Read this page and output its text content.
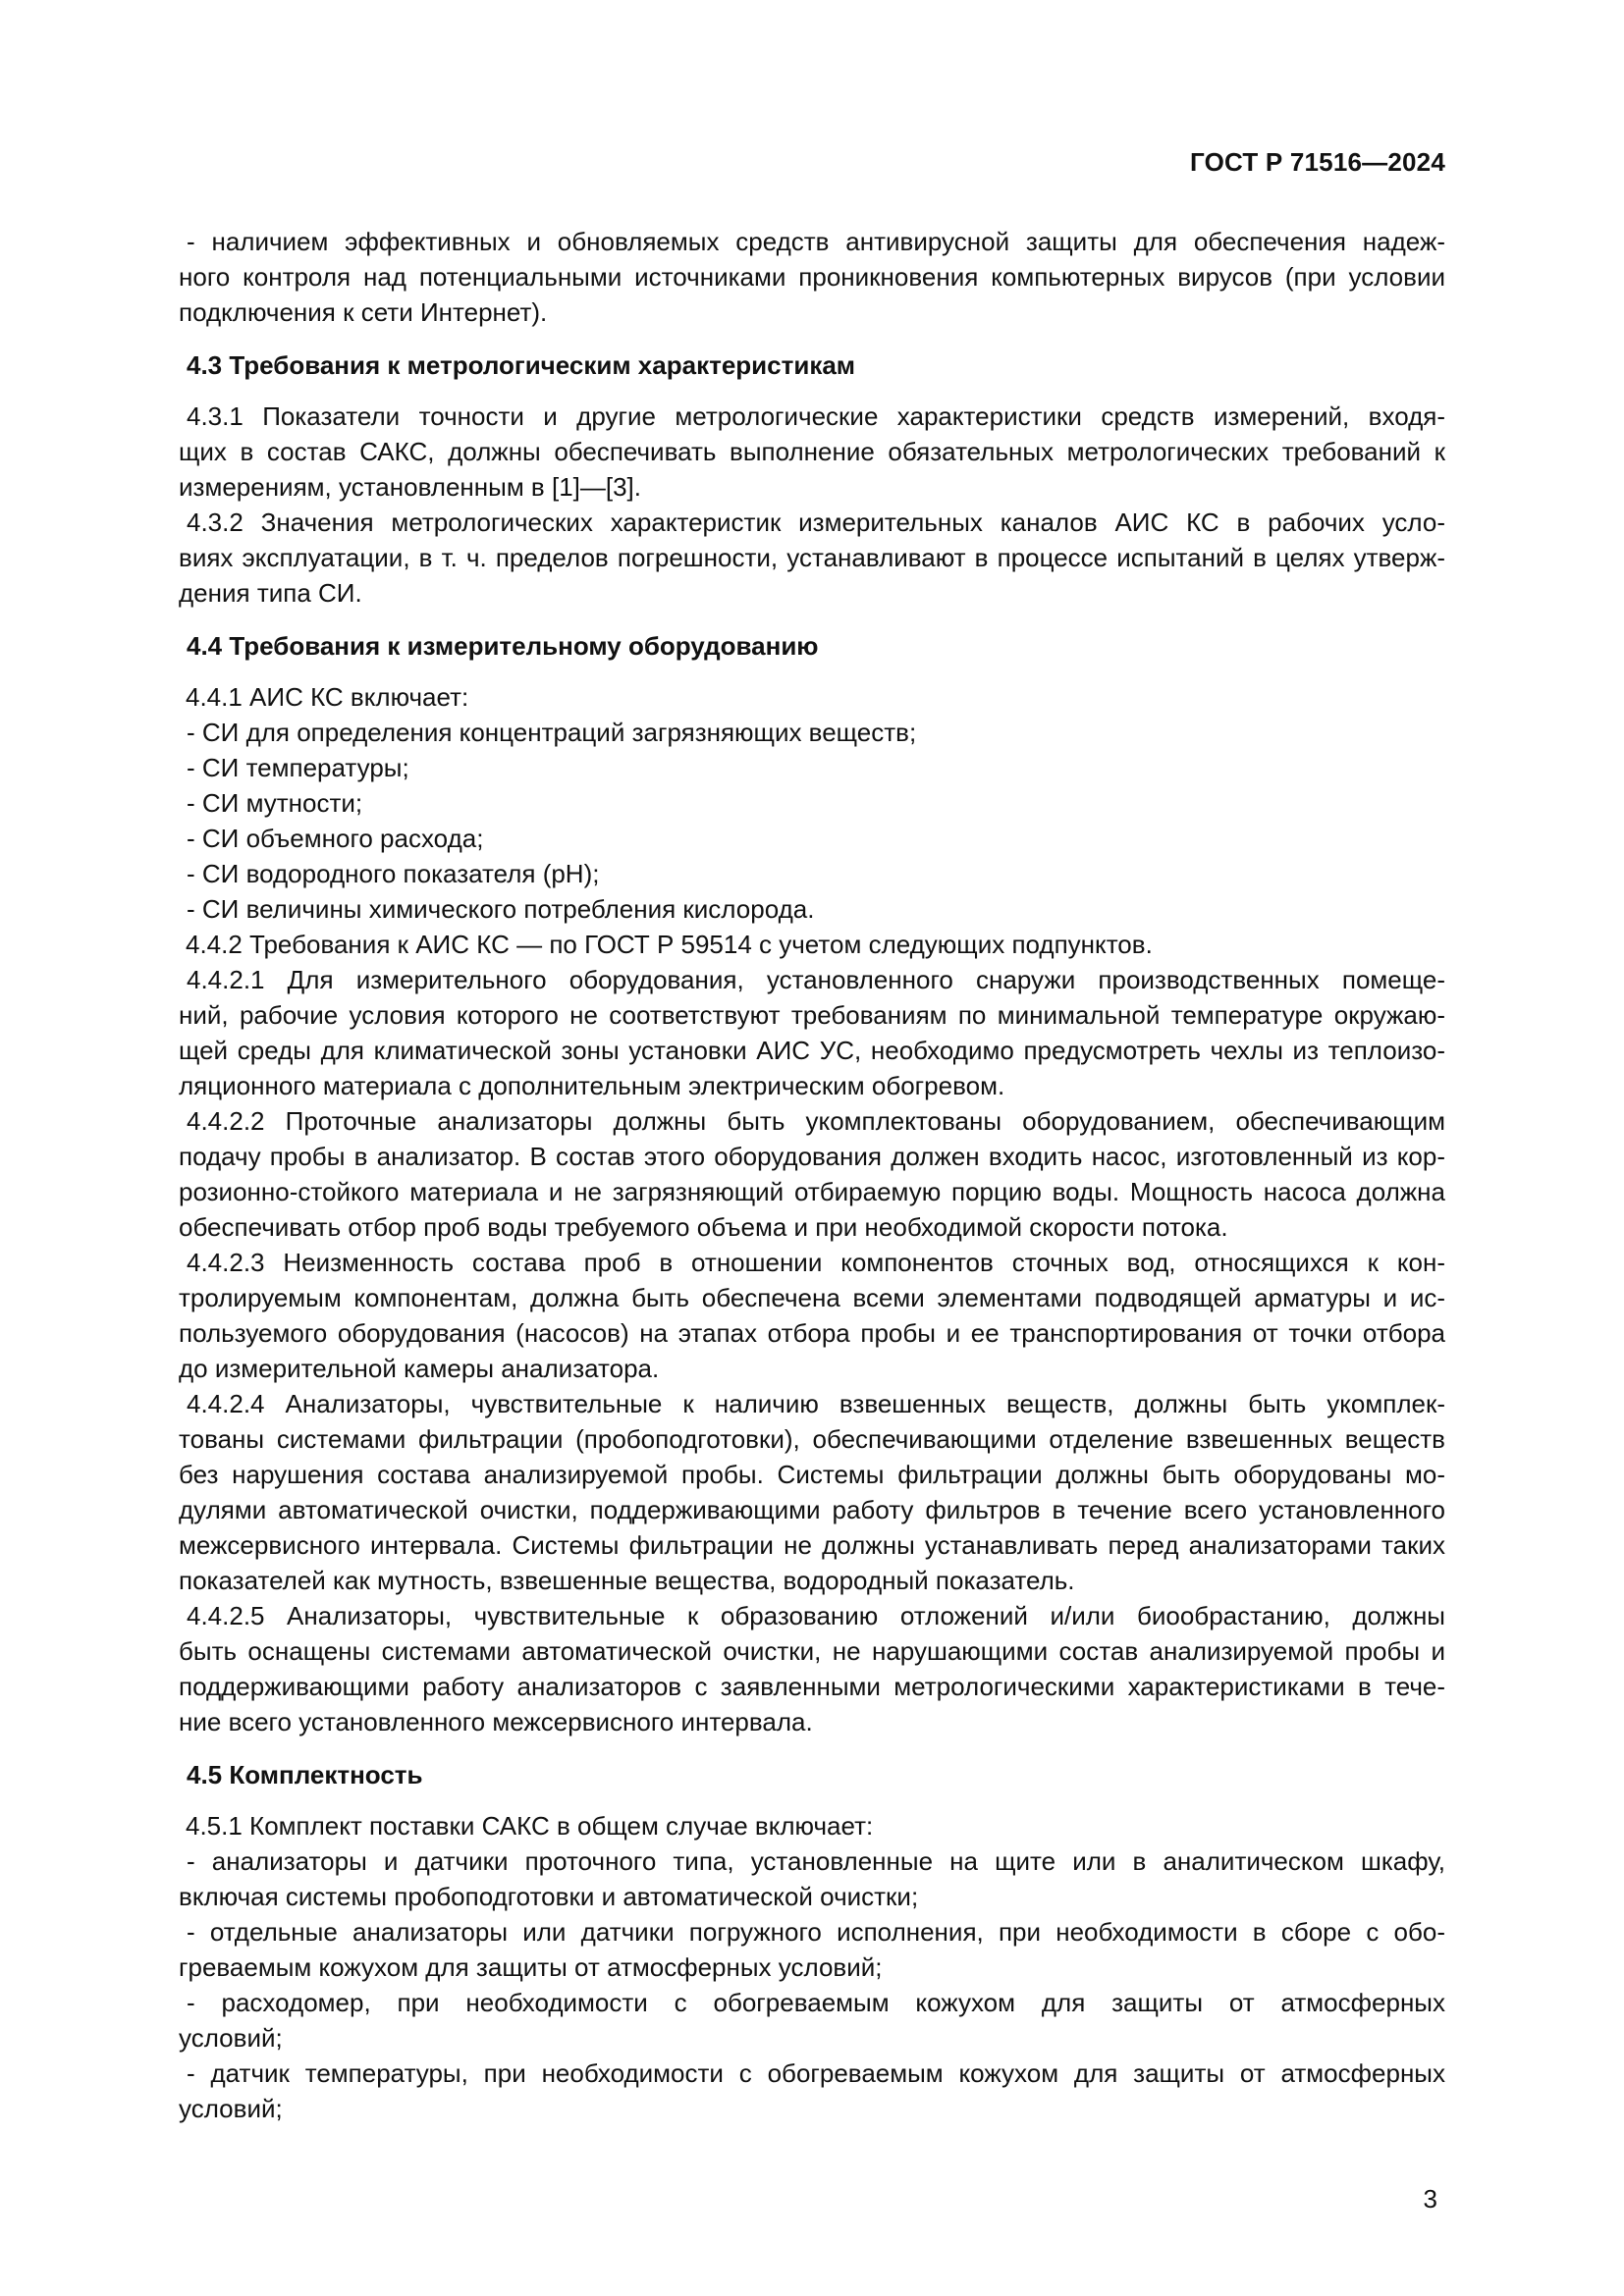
ГОСТ Р 71516—2024
- наличием эффективных и обновляемых средств антивирусной защиты для обеспечения надеж-
ного контроля над потенциальными источниками проникновения компьютерных вирусов (при условии
подключения к сети Интернет).
4.3 Требования к метрологическим характеристикам
4.3.1 Показатели точности и другие метрологические характеристики средств измерений, входя-
щих в состав САКС, должны обеспечивать выполнение обязательных метрологических требований к
измерениям, установленным в [1]—[3].
4.3.2 Значения метрологических характеристик измерительных каналов АИС КС в рабочих усло-
виях эксплуатации, в т. ч. пределов погрешности, устанавливают в процессе испытаний в целях утверж-
дения типа СИ.
4.4 Требования к измерительному оборудованию
4.4.1 АИС КС включает:
- СИ для определения концентраций загрязняющих веществ;
- СИ температуры;
- СИ мутности;
- СИ объемного расхода;
- СИ водородного показателя (pH);
- СИ величины химического потребления кислорода.
4.4.2 Требования к АИС КС — по ГОСТ Р 59514 с учетом следующих подпунктов.
4.4.2.1 Для измерительного оборудования, установленного снаружи производственных помеще-
ний, рабочие условия которого не соответствуют требованиям по минимальной температуре окружаю-
щей среды для климатической зоны установки АИС УС, необходимо предусмотреть чехлы из теплоизо-
ляционного материала с дополнительным электрическим обогревом.
4.4.2.2 Проточные анализаторы должны быть укомплектованы оборудованием, обеспечивающим
подачу пробы в анализатор. В состав этого оборудования должен входить насос, изготовленный из кор-
розионно-стойкого материала и не загрязняющий отбираемую порцию воды. Мощность насоса должна
обеспечивать отбор проб воды требуемого объема и при необходимой скорости потока.
4.4.2.3 Неизменность состава проб в отношении компонентов сточных вод, относящихся к кон-
тролируемым компонентам, должна быть обеспечена всеми элементами подводящей арматуры и ис-
пользуемого оборудования (насосов) на этапах отбора пробы и ее транспортирования от точки отбора
до измерительной камеры анализатора.
4.4.2.4 Анализаторы, чувствительные к наличию взвешенных веществ, должны быть укомплек-
тованы системами фильтрации (пробоподготовки), обеспечивающими отделение взвешенных веществ
без нарушения состава анализируемой пробы. Системы фильтрации должны быть оборудованы мо-
дулями автоматической очистки, поддерживающими работу фильтров в течение всего установленного
межсервисного интервала. Системы фильтрации не должны устанавливать перед анализаторами таких
показателей как мутность, взвешенные вещества, водородный показатель.
4.4.2.5 Анализаторы, чувствительные к образованию отложений и/или биообрастанию, должны
быть оснащены системами автоматической очистки, не нарушающими состав анализируемой пробы и
поддерживающими работу анализаторов с заявленными метрологическими характеристиками в тече-
ние всего установленного межсервисного интервала.
4.5 Комплектность
4.5.1 Комплект поставки САКС в общем случае включает:
- анализаторы и датчики проточного типа, установленные на щите или в аналитическом шкафу,
включая системы пробоподготовки и автоматической очистки;
- отдельные анализаторы или датчики погружного исполнения, при необходимости в сборе с обо-
греваемым кожухом для защиты от атмосферных условий;
- расходомер, при необходимости с обогреваемым кожухом для защиты от атмосферных
условий;
- датчик температуры, при необходимости с обогреваемым кожухом для защиты от атмосферных
условий;
3
